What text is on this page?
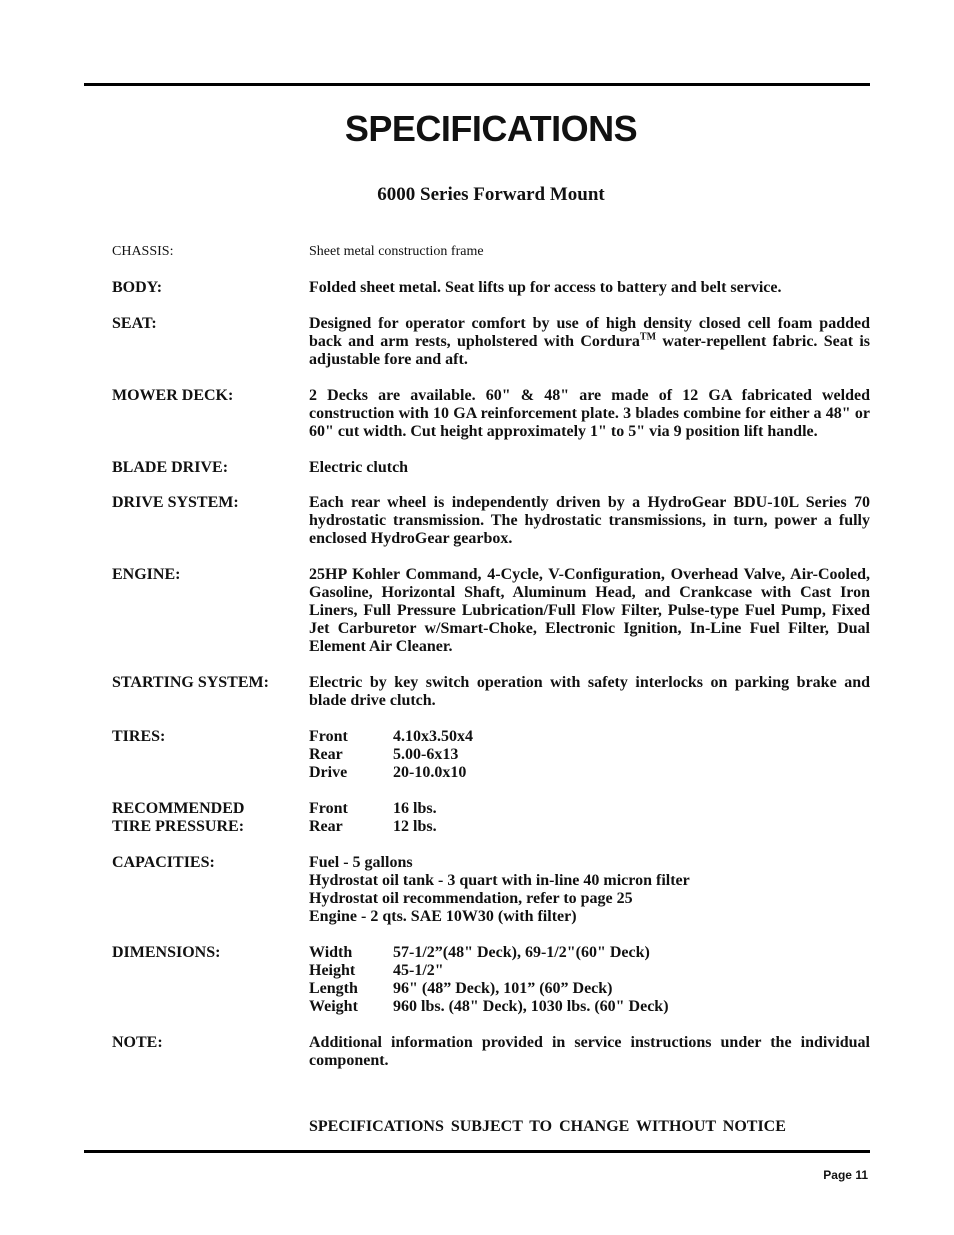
SPECIFICATIONS
6000 Series Forward Mount
CHASSIS:	Sheet metal construction frame
BODY:	Folded sheet metal. Seat lifts up for access to battery and belt service.
SEAT:	Designed for operator comfort by use of high density closed cell foam padded back and arm rests, upholstered with Cordura™ water-repellent fabric. Seat is adjustable fore and aft.
MOWER DECK:	2 Decks are available. 60" & 48" are made of 12 GA fabricated welded construction with 10 GA reinforcement plate. 3 blades combine for either a 48" or 60" cut width. Cut height approximately 1" to 5" via 9 position lift handle.
BLADE DRIVE:	Electric clutch
DRIVE SYSTEM:	Each rear wheel is independently driven by a HydroGear BDU-10L Series 70 hydrostatic transmission. The hydrostatic transmissions, in turn, power a fully enclosed HydroGear gearbox.
ENGINE:	25HP Kohler Command, 4-Cycle, V-Configuration, Overhead Valve, Air-Cooled, Gasoline, Horizontal Shaft, Aluminum Head, and Crankcase with Cast Iron Liners, Full Pressure Lubrication/Full Flow Filter, Pulse-type Fuel Pump, Fixed Jet Carburetor w/Smart-Choke, Electronic Ignition, In-Line Fuel Filter, Dual Element Air Cleaner.
STARTING SYSTEM:	Electric by key switch operation with safety interlocks on parking brake and blade drive clutch.
TIRES:	Front	4.10x3.50x4
Rear	5.00-6x13
Drive	20-10.0x10
RECOMMENDED
TIRE PRESSURE:
Front	16 lbs.
Rear	12 lbs.
CAPACITIES:	Fuel - 5 gallons
Hydrostat oil tank - 3 quart with in-line 40 micron filter
Hydrostat oil recommendation, refer to page 25
Engine - 2 qts. SAE 10W30 (with filter)
DIMENSIONS:	Width	57-1/2”(48" Deck), 69-1/2"(60" Deck)
Height	45-1/2"
Length	96" (48” Deck), 101” (60” Deck)
Weight	960 lbs. (48" Deck), 1030 lbs. (60" Deck)
NOTE:	Additional information provided in service instructions under the individual component.
SPECIFICATIONS SUBJECT TO CHANGE WITHOUT NOTICE
Page 11
